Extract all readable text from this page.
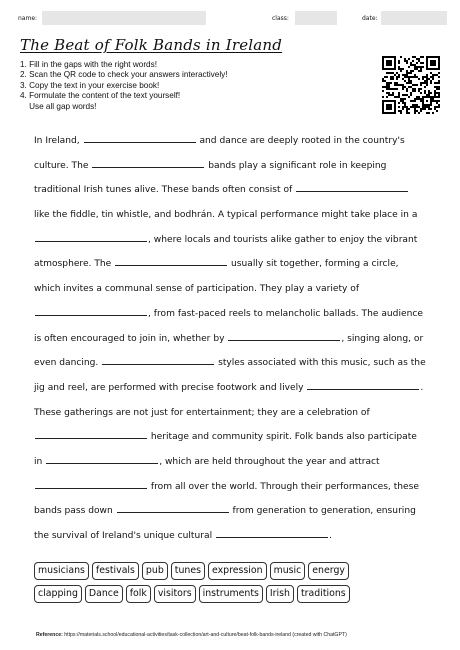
name:	class:	date:
The Beat of Folk Bands in Ireland
1. Fill in the gaps with the right words!
2. Scan the QR code to check your answers interactively!
3. Copy the text in your exercise book!
4. Formulate the content of the text yourself!
Use all gap words!
In Ireland,	and dance are deeply rooted in the country's
culture. The	bands play a significant role in keeping
traditional Irish tunes alive. These bands often consist of
like the fiddle, tin whistle, and bodhrán. A typical performance might take place in a
, where locals and tourists alike gather to enjoy the vibrant
atmosphere. The	usually sit together, forming a circle,
which invites a communal sense of participation. They play a variety of
, from fast-paced reels to melancholic ballads. The audience
is often encouraged to join in, whether by	, singing along, or
even dancing.	styles associated with this music, such as the
jig and reel, are performed with precise footwork and lively	.
These gatherings are not just for entertainment; they are a celebration of
heritage and community spirit. Folk bands also participate
in	, which are held throughout the year and attract
from all over the world. Through their performances, these
bands pass down	from generation to generation, ensuring
the survival of Ireland's unique cultural	.
musicians	festivals	pub	tunes	expression	music	energy
clapping	Dance	folk	visitors	instruments	Irish	traditions
Reference: https://materials.school/educational-activities/task-collection/art-and-culture/beat-folk-bands-ireland (created with ChatGPT)
